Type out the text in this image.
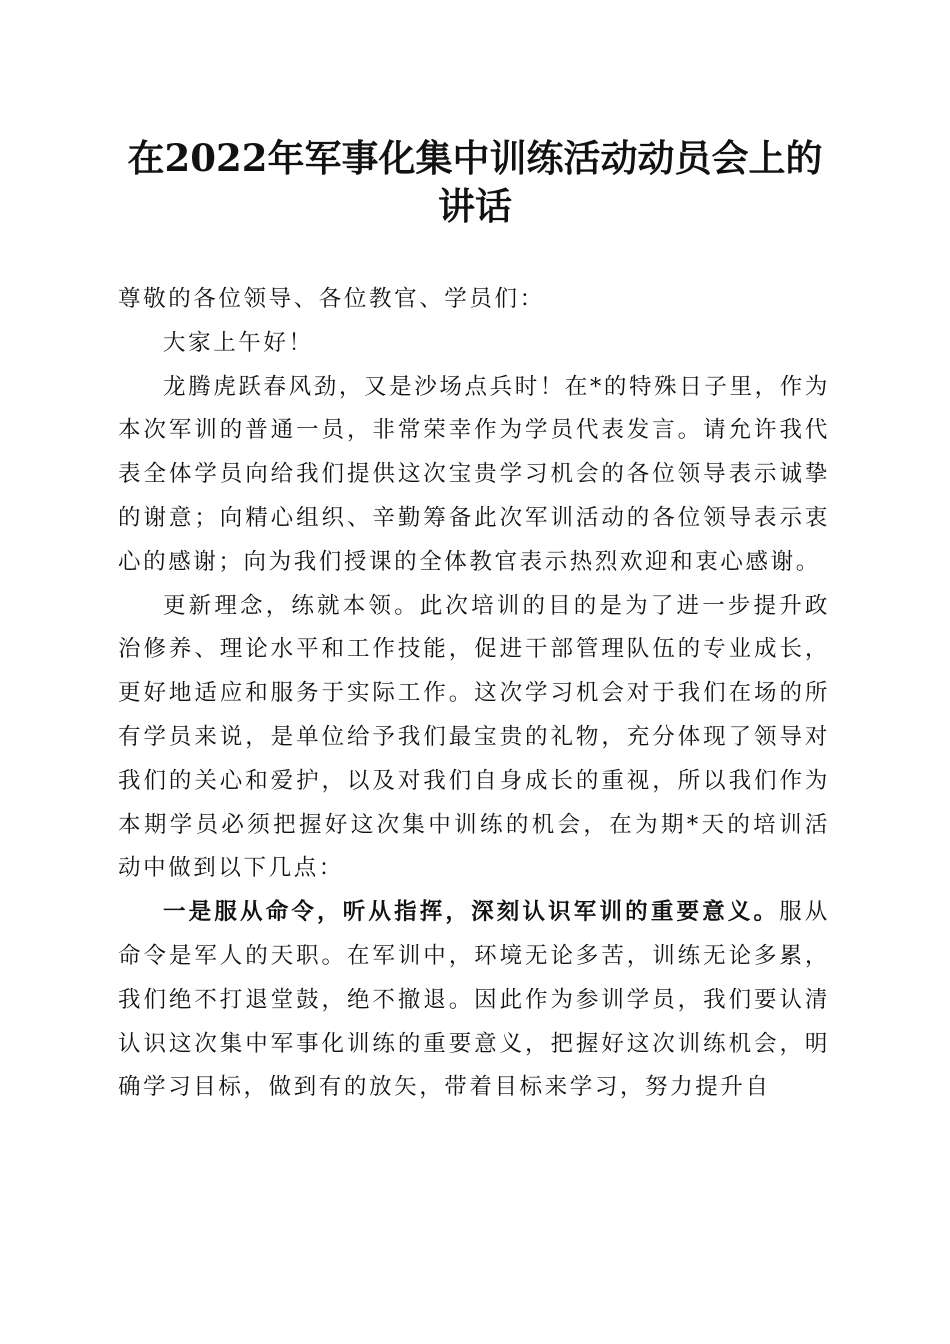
在2022年军事化集中训练活动动员会上的讲话

尊敬的各位领导、各位教官、学员们：

大家上午好！

龙腾虎跃春风劲，又是沙场点兵时！在*的特殊日子里，作为本次军训的普通一员，非常荣幸作为学员代表发言。请允许我代表全体学员向给我们提供这次宝贵学习机会的各位领导表示诚挚的谢意；向精心组织、辛勤筹备此次军训活动的各位领导表示衷心的感谢；向为我们授课的全体教官表示热烈欢迎和衷心感谢。

更新理念，练就本领。此次培训的目的是为了进一步提升政治修养、理论水平和工作技能，促进干部管理队伍的专业成长，更好地适应和服务于实际工作。这次学习机会对于我们在场的所有学员来说，是单位给予我们最宝贵的礼物，充分体现了领导对我们的关心和爱护，以及对我们自身成长的重视，所以我们作为本期学员必须把握好这次集中训练的机会，在为期*天的培训活动中做到以下几点：

一是服从命令，听从指挥，深刻认识军训的重要意义。服从命令是军人的天职。在军训中，环境无论多苦，训练无论多累，我们绝不打退堂鼓，绝不撤退。因此作为参训学员，我们要认清认识这次集中军事化训练的重要意义，把握好这次训练机会，明确学习目标，做到有的放矢，带着目标来学习，努力提升自
